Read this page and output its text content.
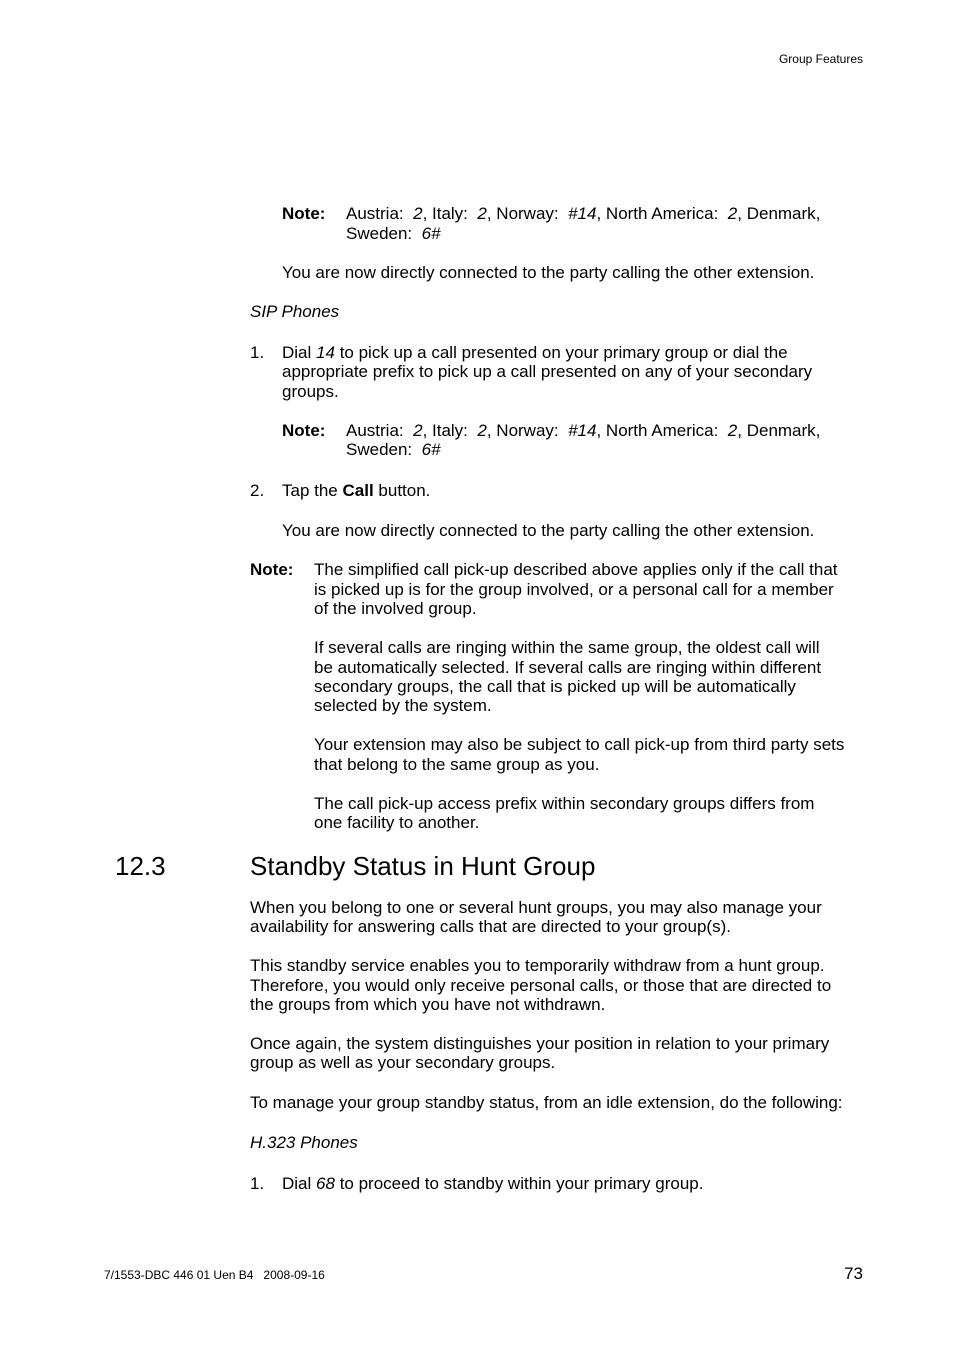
Group Features
Note: Austria: 2, Italy: 2, Norway: #14, North America: 2, Denmark,
Sweden: 6#
You are now directly connected to the party calling the other extension.
SIP Phones
1. Dial 14 to pick up a call presented on your primary group or dial the
appropriate prefix to pick up a call presented on any of your secondary
groups.
Note: Austria: 2, Italy: 2, Norway: #14, North America: 2, Denmark,
Sweden: 6#
2. Tap the Call button.
You are now directly connected to the party calling the other extension.
Note: The simplified call pick-up described above applies only if the call that
is picked up is for the group involved, or a personal call for a member
of the involved group.
If several calls are ringing within the same group, the oldest call will
be automatically selected. If several calls are ringing within different
secondary groups, the call that is picked up will be automatically
selected by the system.
Your extension may also be subject to call pick-up from third party sets
that belong to the same group as you.
The call pick-up access prefix within secondary groups differs from
one facility to another.
12.3	Standby Status in Hunt Group
When you belong to one or several hunt groups, you may also manage your
availability for answering calls that are directed to your group(s).
This standby service enables you to temporarily withdraw from a hunt group.
Therefore, you would only receive personal calls, or those that are directed to
the groups from which you have not withdrawn.
Once again, the system distinguishes your position in relation to your primary
group as well as your secondary groups.
To manage your group standby status, from an idle extension, do the following:
H.323 Phones
1. Dial 68 to proceed to standby within your primary group.
7/1553-DBC 446 01 Uen B4   2008-09-16	73
